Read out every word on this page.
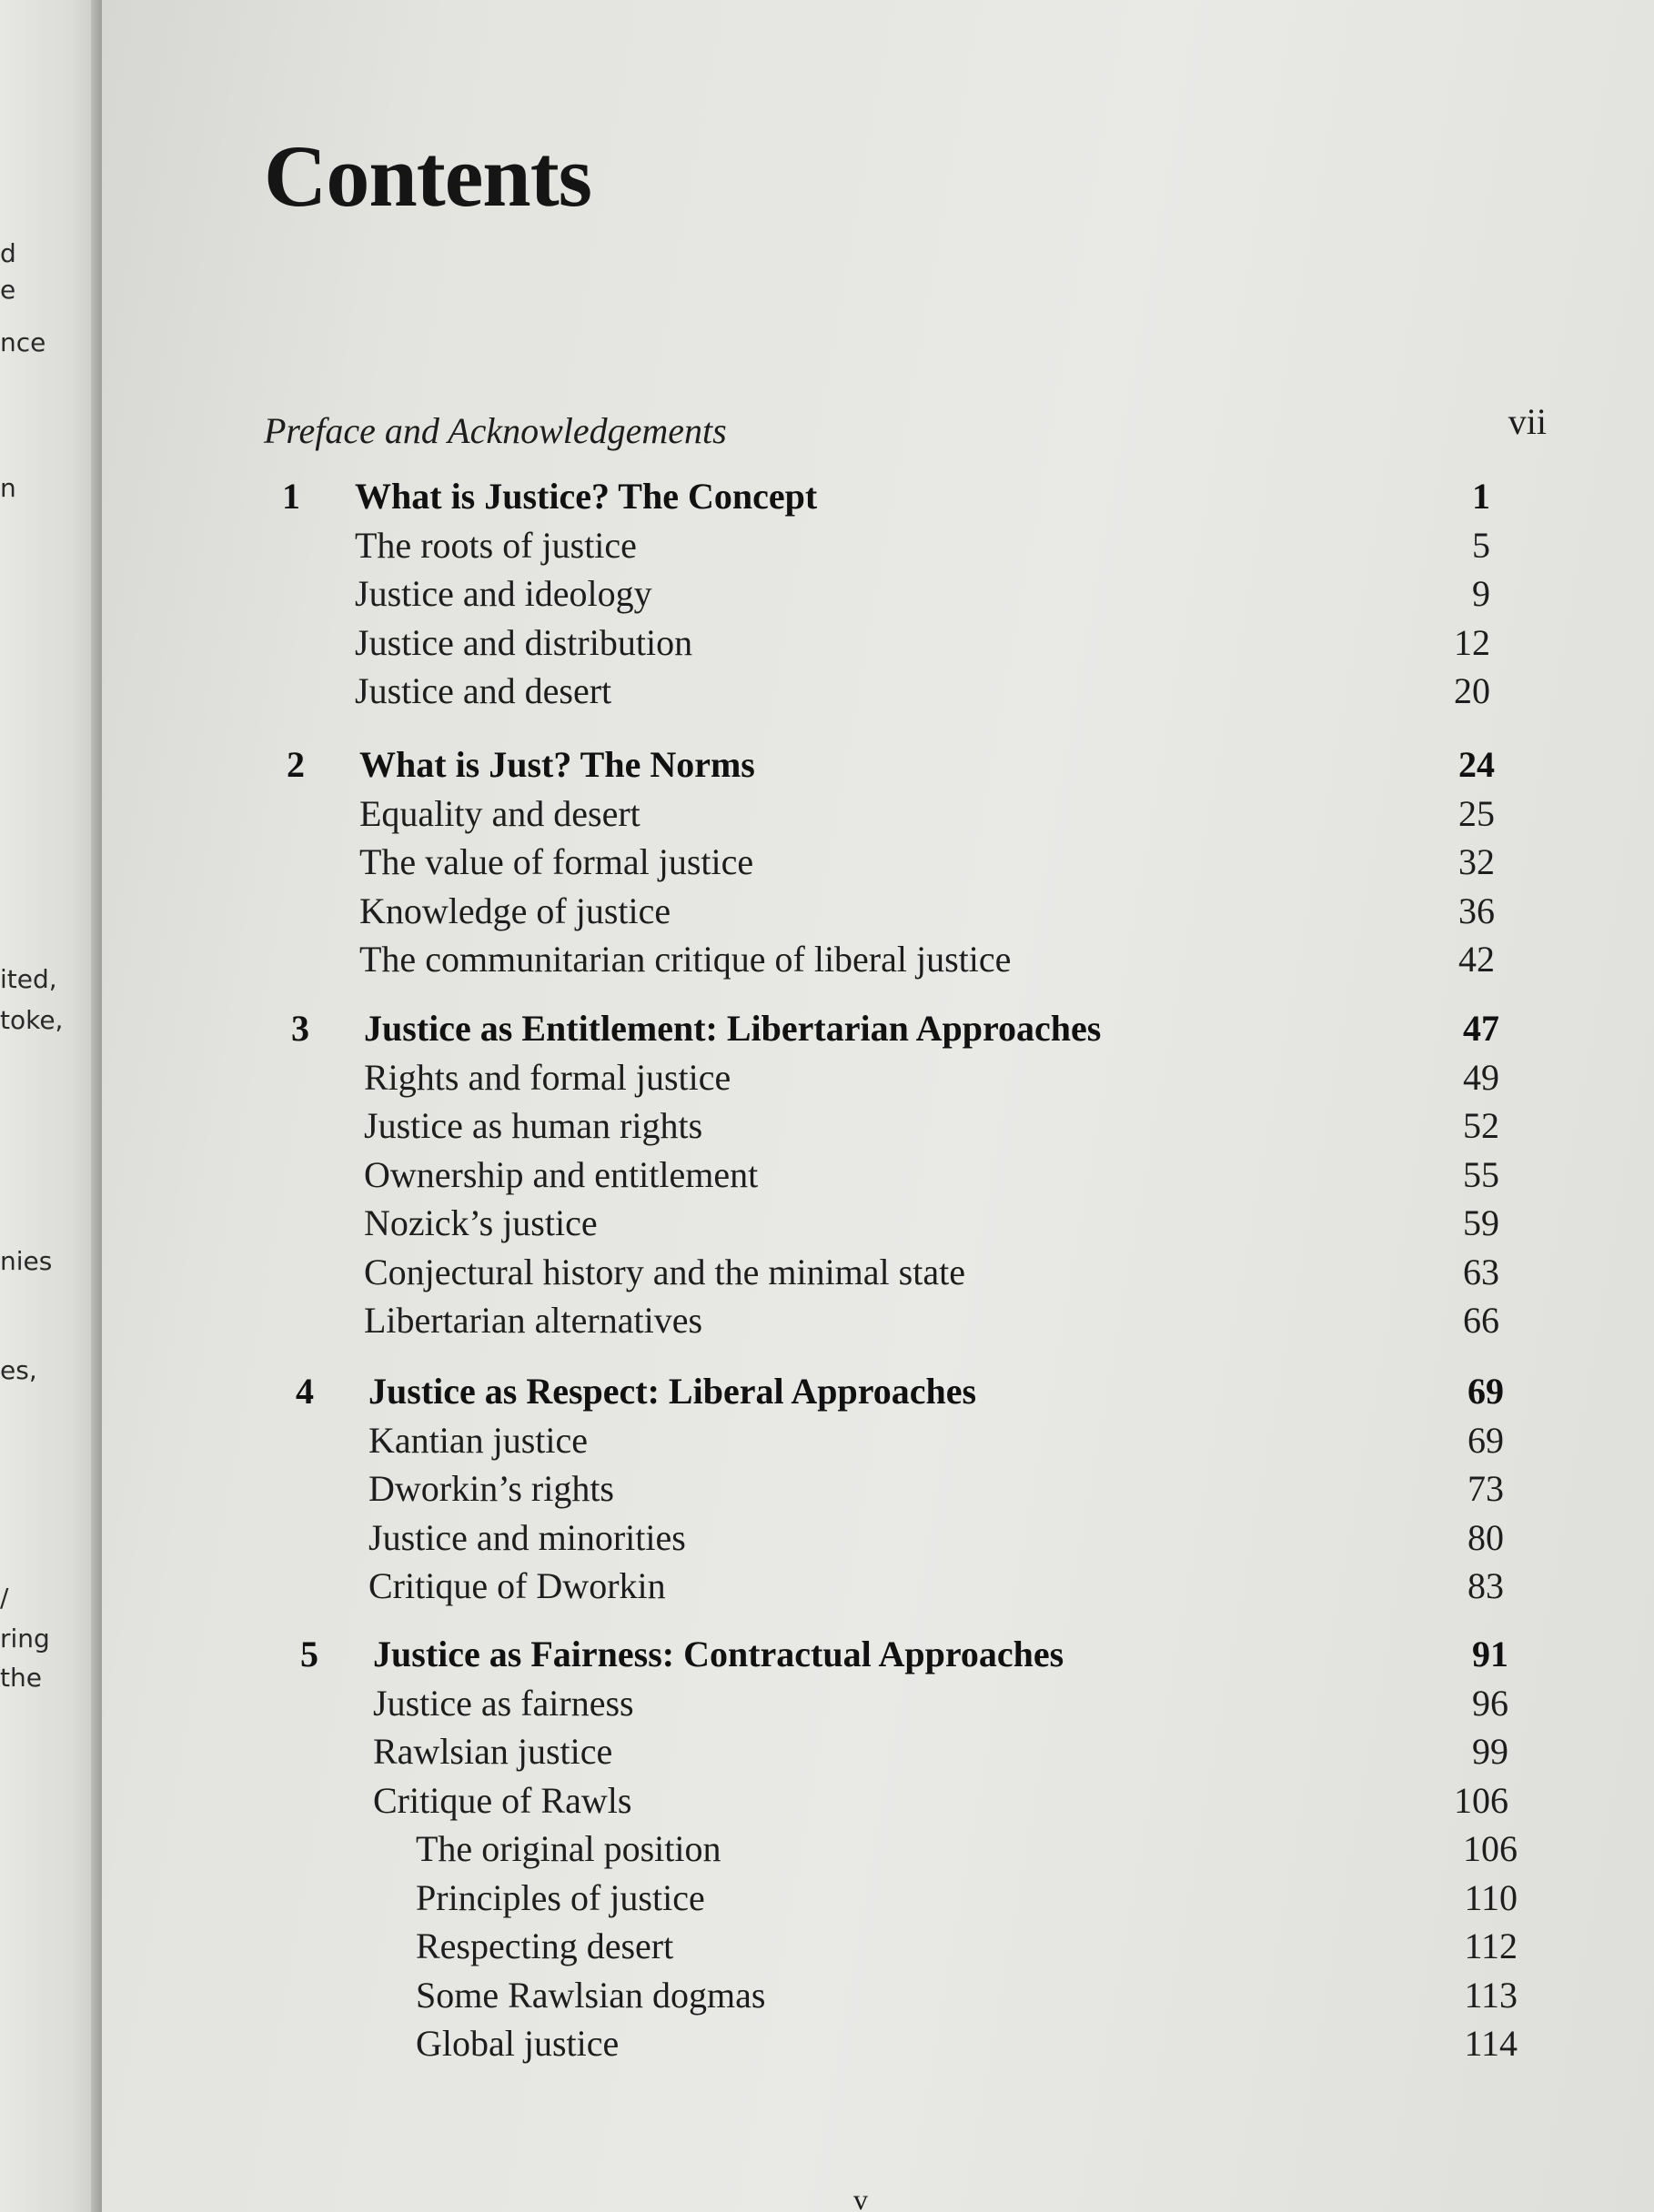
d
e
nce
n
ited,
toke,
nies
es,
/
ring
the
Contents
Preface and Acknowledgements	vii
1	What is Justice? The Concept	1
The roots of justice	5
Justice and ideology	9
Justice and distribution	12
Justice and desert	20
2	What is Just? The Norms	24
Equality and desert	25
The value of formal justice	32
Knowledge of justice	36
The communitarian critique of liberal justice	42
3	Justice as Entitlement: Libertarian Approaches	47
Rights and formal justice	49
Justice as human rights	52
Ownership and entitlement	55
Nozick’s justice	59
Conjectural history and the minimal state	63
Libertarian alternatives	66
4	Justice as Respect: Liberal Approaches	69
Kantian justice	69
Dworkin’s rights	73
Justice and minorities	80
Critique of Dworkin	83
5	Justice as Fairness: Contractual Approaches	91
Justice as fairness	96
Rawlsian justice	99
Critique of Rawls	106
The original position	106
Principles of justice	110
Respecting desert	112
Some Rawlsian dogmas	113
Global justice	114
v
